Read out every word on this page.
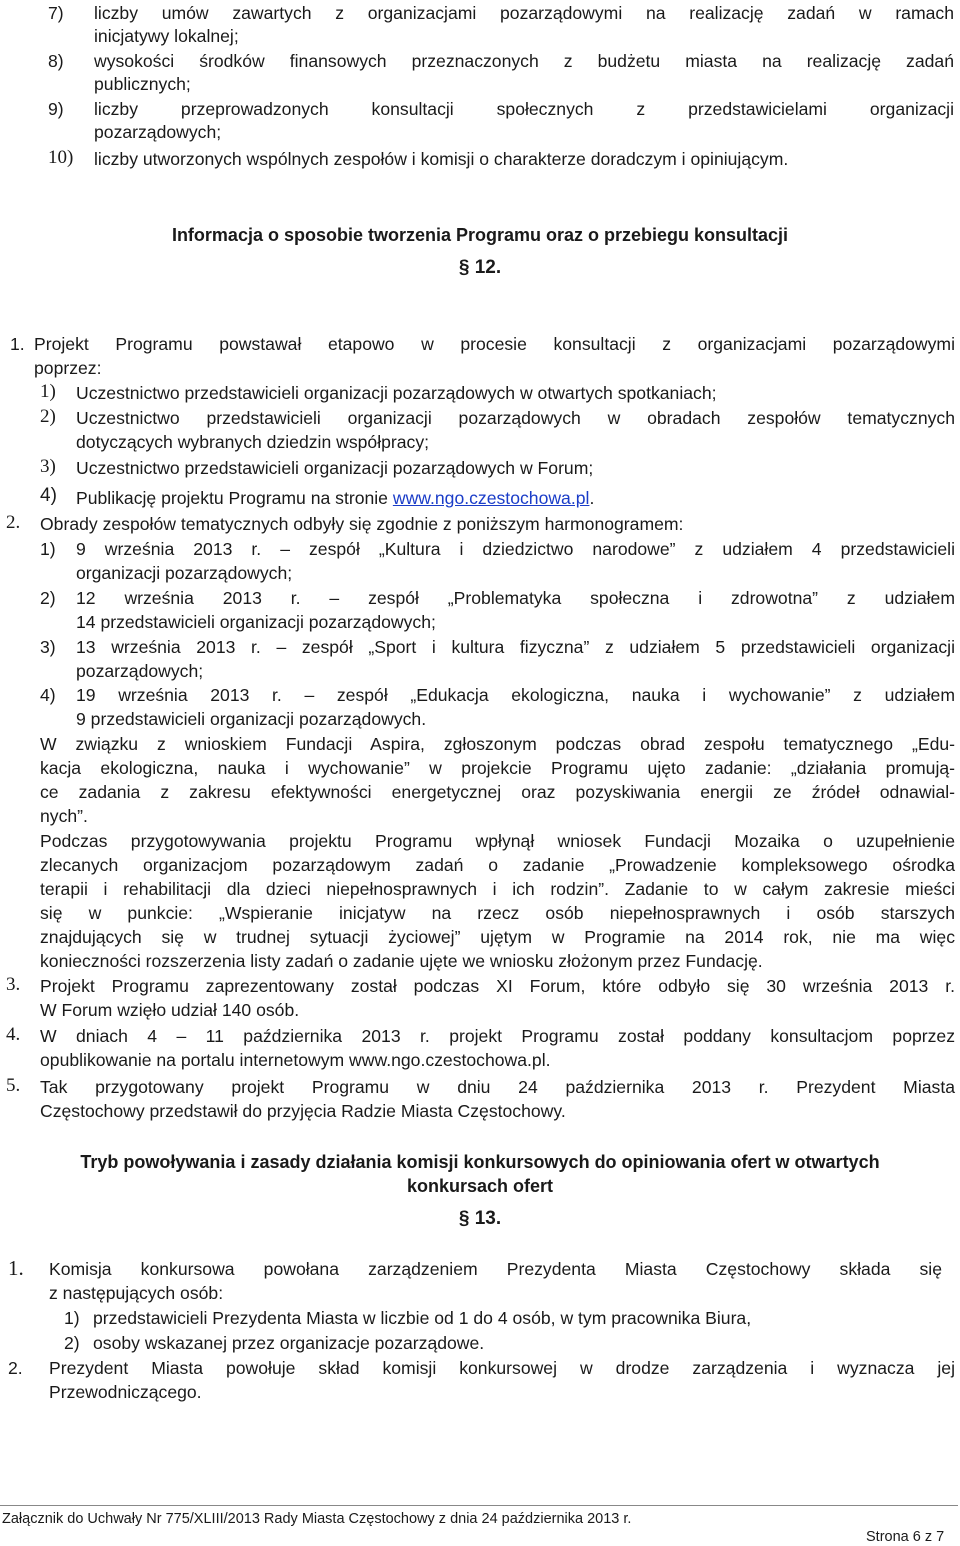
7) liczby umów zawartych z organizacjami pozarządowymi na realizację zadań w ramach
inicjatywy lokalnej;
8) wysokości środków finansowych przeznaczonych z budżetu miasta na realizację zadań
publicznych;
9) liczby przeprowadzonych konsultacji społecznych z przedstawicielami organizacji
pozarządowych;
10) liczby utworzonych wspólnych zespołów i komisji o charakterze doradczym i opiniującym.
Informacja o sposobie tworzenia Programu oraz o przebiegu konsultacji
§ 12.
1. Projekt Programu powstawał etapowo w procesie konsultacji z organizacjami pozarządowymi
poprzez:
1) Uczestnictwo przedstawicieli organizacji pozarządowych w otwartych spotkaniach;
2) Uczestnictwo przedstawicieli organizacji pozarządowych w obradach zespołów tematycznych
dotyczących wybranych dziedzin współpracy;
3) Uczestnictwo przedstawicieli organizacji pozarządowych w Forum;
4) Publikację projektu Programu na stronie www.ngo.czestochowa.pl.
2. Obrady zespołów tematycznych odbyły się zgodnie z poniższym harmonogramem:
1) 9 września 2013 r. – zespół „Kultura i dziedzictwo narodowe” z udziałem 4 przedstawicieli
organizacji pozarządowych;
2) 12 września 2013 r. – zespół „Problematyka społeczna i zdrowotna” z udziałem
14 przedstawicieli organizacji pozarządowych;
3) 13 września 2013 r. – zespół „Sport i kultura fizyczna” z udziałem 5 przedstawicieli organizacji
pozarządowych;
4) 19 września 2013 r. – zespół „Edukacja ekologiczna, nauka i wychowanie” z udziałem
9 przedstawicieli organizacji pozarządowych.
W związku z wnioskiem Fundacji Aspira, zgłoszonym podczas obrad zespołu tematycznego „Edu-
kacja ekologiczna, nauka i wychowanie” w projekcie Programu ujęto zadanie: „działania promują-
ce zadania z zakresu efektywności energetycznej oraz pozyskiwania energii ze źródeł odnawial-
nych”.
Podczas przygotowywania projektu Programu wpłynął wniosek Fundacji Mozaika o uzupełnienie
zlecanych organizacjom pozarządowym zadań o zadanie „Prowadzenie kompleksowego ośrodka
terapii i rehabilitacji dla dzieci niepełnosprawnych i ich rodzin”. Zadanie to w całym zakresie mieści
się w punkcie: „Wspieranie inicjatyw na rzecz osób niepełnosprawnych i osób starszych
znajdujących się w trudnej sytuacji życiowej” ujętym w Programie na 2014 rok, nie ma więc
konieczności rozszerzenia listy zadań o zadanie ujęte we wniosku złożonym przez Fundację.
3. Projekt Programu zaprezentowany został podczas XI Forum, które odbyło się 30 września 2013 r.
W Forum wzięło udział 140 osób.
4. W dniach 4 – 11 października 2013 r. projekt Programu został poddany konsultacjom poprzez
opublikowanie na portalu internetowym www.ngo.czestochowa.pl.
5. Tak przygotowany projekt Programu w dniu 24 października 2013 r. Prezydent Miasta
Częstochowy przedstawił do przyjęcia Radzie Miasta Częstochowy.
Tryb powoływania i zasady działania komisji konkursowych do opiniowania ofert w otwartych
konkursach ofert
§ 13.
1. Komisja konkursowa powołana zarządzeniem Prezydenta Miasta Częstochowy składa się
z następujących osób:
1) przedstawicieli Prezydenta Miasta w liczbie od 1 do 4 osób, w tym pracownika Biura,
2) osoby wskazanej przez organizacje pozarządowe.
2. Prezydent Miasta powołuje skład komisji konkursowej w drodze zarządzenia i wyznacza jej
Przewodniczącego.
Załącznik do Uchwały Nr 775/XLIII/2013 Rady Miasta Częstochowy z dnia 24 października 2013 r.
Strona 6 z 7
